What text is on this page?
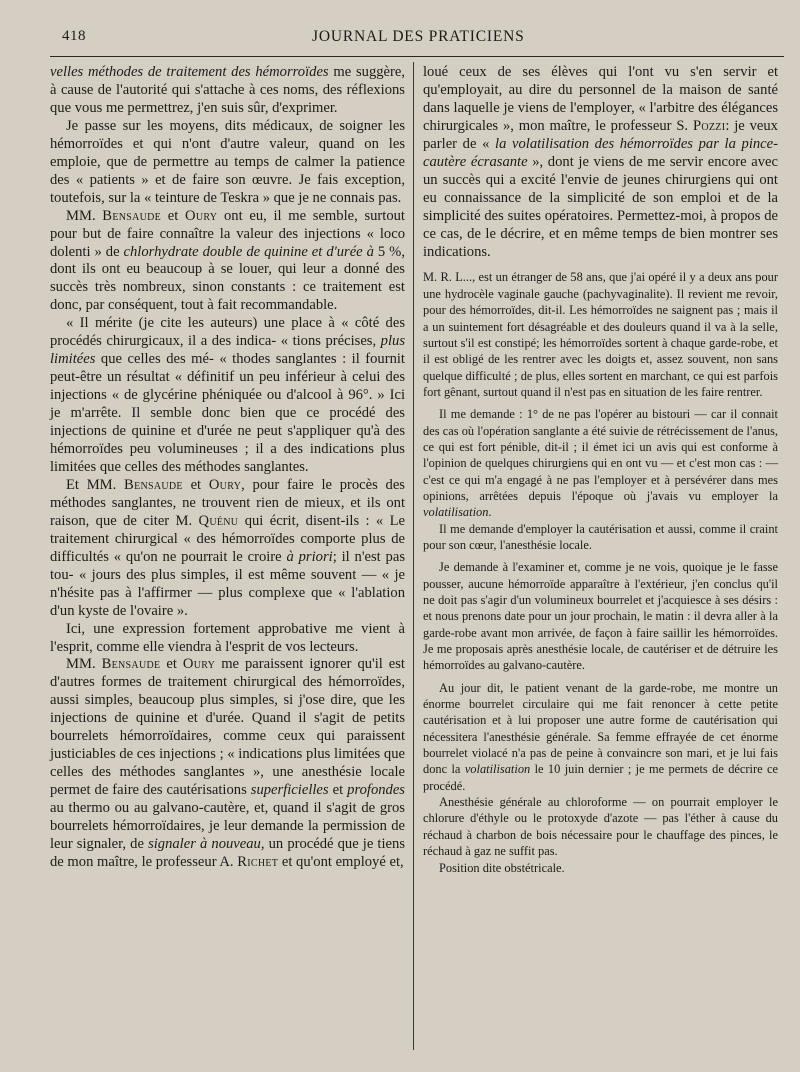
418	JOURNAL DES PRATICIENS

velles méthodes de traitement des hémorroïdes me suggère, à cause de l'autorité qui s'attache à ces noms, des réflexions que vous me permettrez, j'en suis sûr, d'exprimer.

Je passe sur les moyens, dits médicaux, de soigner les hémorroïdes et qui n'ont d'autre valeur, quand on les emploie, que de permettre au temps de calmer la patience des « patients » et de faire son œuvre. Je fais exception, toutefois, sur la « teinture de Teskra » que je ne connais pas.

MM. Bensaude et Oury ont eu, il me semble, surtout pour but de faire connaître la valeur des injections « loco dolenti » de chlorhydrate double de quinine et d'urée à 5 %, dont ils ont eu beaucoup à se louer, qui leur a donné des succès très nombreux, sinon constants : ce traitement est donc, par conséquent, tout à fait recommandable.

« Il mérite (je cite les auteurs) une place à « côté des procédés chirurgicaux, il a des indica- « tions précises, plus limitées que celles des mé- « thodes sanglantes : il fournit peut-être un résultat « définitif un peu inférieur à celui des injections « de glycérine phéniquée ou d'alcool à 96°. » Ici je m'arrête. Il semble donc bien que ce procédé des injections de quinine et d'urée ne peut s'appliquer qu'à des hémorroïdes peu volumineuses ; il a des indications plus limitées que celles des méthodes sanglantes.

Et MM. Bensaude et Oury, pour faire le procès des méthodes sanglantes, ne trouvent rien de mieux, et ils ont raison, que de citer M. Quénu qui écrit, disent-ils : « Le traitement chirurgical « des hémorroïdes comporte plus de difficultés « qu'on ne pourrait le croire à priori; il n'est pas tou- « jours des plus simples, il est même souvent — « je n'hésite pas à l'affirmer — plus complexe que « l'ablation d'un kyste de l'ovaire ».

Ici, une expression fortement approbative me vient à l'esprit, comme elle viendra à l'esprit de vos lecteurs.

MM. Bensaude et Oury me paraissent ignorer qu'il est d'autres formes de traitement chirurgical des hémorroïdes, aussi simples, beaucoup plus simples, si j'ose dire, que les injections de quinine et d'urée. Quand il s'agit de petits bourrelets hémorroïdaires, comme ceux qui paraissent justiciables de ces injections ; « indications plus limitées que celles des méthodes sanglantes », une anesthésie locale permet de faire des cautérisations superficielles et profondes au thermo ou au galvano-cautère, et, quand il s'agit de gros bourrelets hémorroïdaires, je leur demande la permission de leur signaler, de signaler à nouveau, un procédé que je tiens de mon maître, le professeur A. Richet et qu'ont employé et,

loué ceux de ses élèves qui l'ont vu s'en servir et qu'employait, au dire du personnel de la maison de santé dans laquelle je viens de l'employer, « l'arbitre des élégances chirurgicales », mon maître, le professeur S. Pozzi: je veux parler de « la volatilisation des hémorroïdes par la pince-cautère écrasante », dont je viens de me servir encore avec un succès qui a excité l'envie de jeunes chirurgiens qui ont eu connaissance de la simplicité de son emploi et de la simplicité des suites opératoires. Permettez-moi, à propos de ce cas, de le décrire, et en même temps de bien montrer ses indications.

M. R. L..., est un étranger de 58 ans, que j'ai opéré il y a deux ans pour une hydrocèle vaginale gauche (pachyvaginalite). Il revient me revoir, pour des hémorroïdes, dit-il. Les hémorroïdes ne saignent pas ; mais il a un suintement fort désagréable et des douleurs quand il va à la selle, surtout s'il est constipé; les hémorroïdes sortent à chaque garde-robe, et il est obligé de les rentrer avec les doigts et, assez souvent, non sans quelque difficulté ; de plus, elles sortent en marchant, ce qui est parfois fort gênant, surtout quand il n'est pas en situation de les faire rentrer.

Il me demande : 1° de ne pas l'opérer au bistouri — car il connait des cas où l'opération sanglante a été suivie de rétrécissement de l'anus, ce qui est fort pénible, dit-il ; il émet ici un avis qui est conforme à l'opinion de quelques chirurgiens qui en ont vu — et c'est mon cas : — c'est ce qui m'a engagé à ne pas l'employer et à persévérer dans mes opinions, arrêtées depuis l'époque où j'avais vu employer la volatilisation.

Il me demande d'employer la cautérisation et aussi, comme il craint pour son cœur, l'anesthésie locale.

Je demande à l'examiner et, comme je ne vois, quoique je le fasse pousser, aucune hémorroïde apparaître à l'extérieur, j'en conclus qu'il ne doit pas s'agir d'un volumineux bourrelet et j'acquiesce à ses désirs : et nous prenons date pour un jour prochain, le matin : il devra aller à la garde-robe avant mon arrivée, de façon à faire saillir les hémorroïdes. Je me proposais après anesthésie locale, de cautériser et de détruire les hémorroïdes au galvano-cautère.

Au jour dit, le patient venant de la garde-robe, me montre un énorme bourrelet circulaire qui me fait renoncer à cette petite cautérisation et à lui proposer une autre forme de cautérisation qui nécessitera l'anesthésie générale. Sa femme effrayée de cet énorme bourrelet violacé n'a pas de peine à convaincre son mari, et je lui fais donc la volatilisation le 10 juin dernier ; je me permets de décrire ce procédé.

Anesthésie générale au chloroforme — on pourrait employer le chlorure d'éthyle ou le protoxyde d'azote — pas l'éther à cause du réchaud à charbon de bois nécessaire pour le chauffage des pinces, le réchaud à gaz ne suffit pas.

Position dite obstétricale.
